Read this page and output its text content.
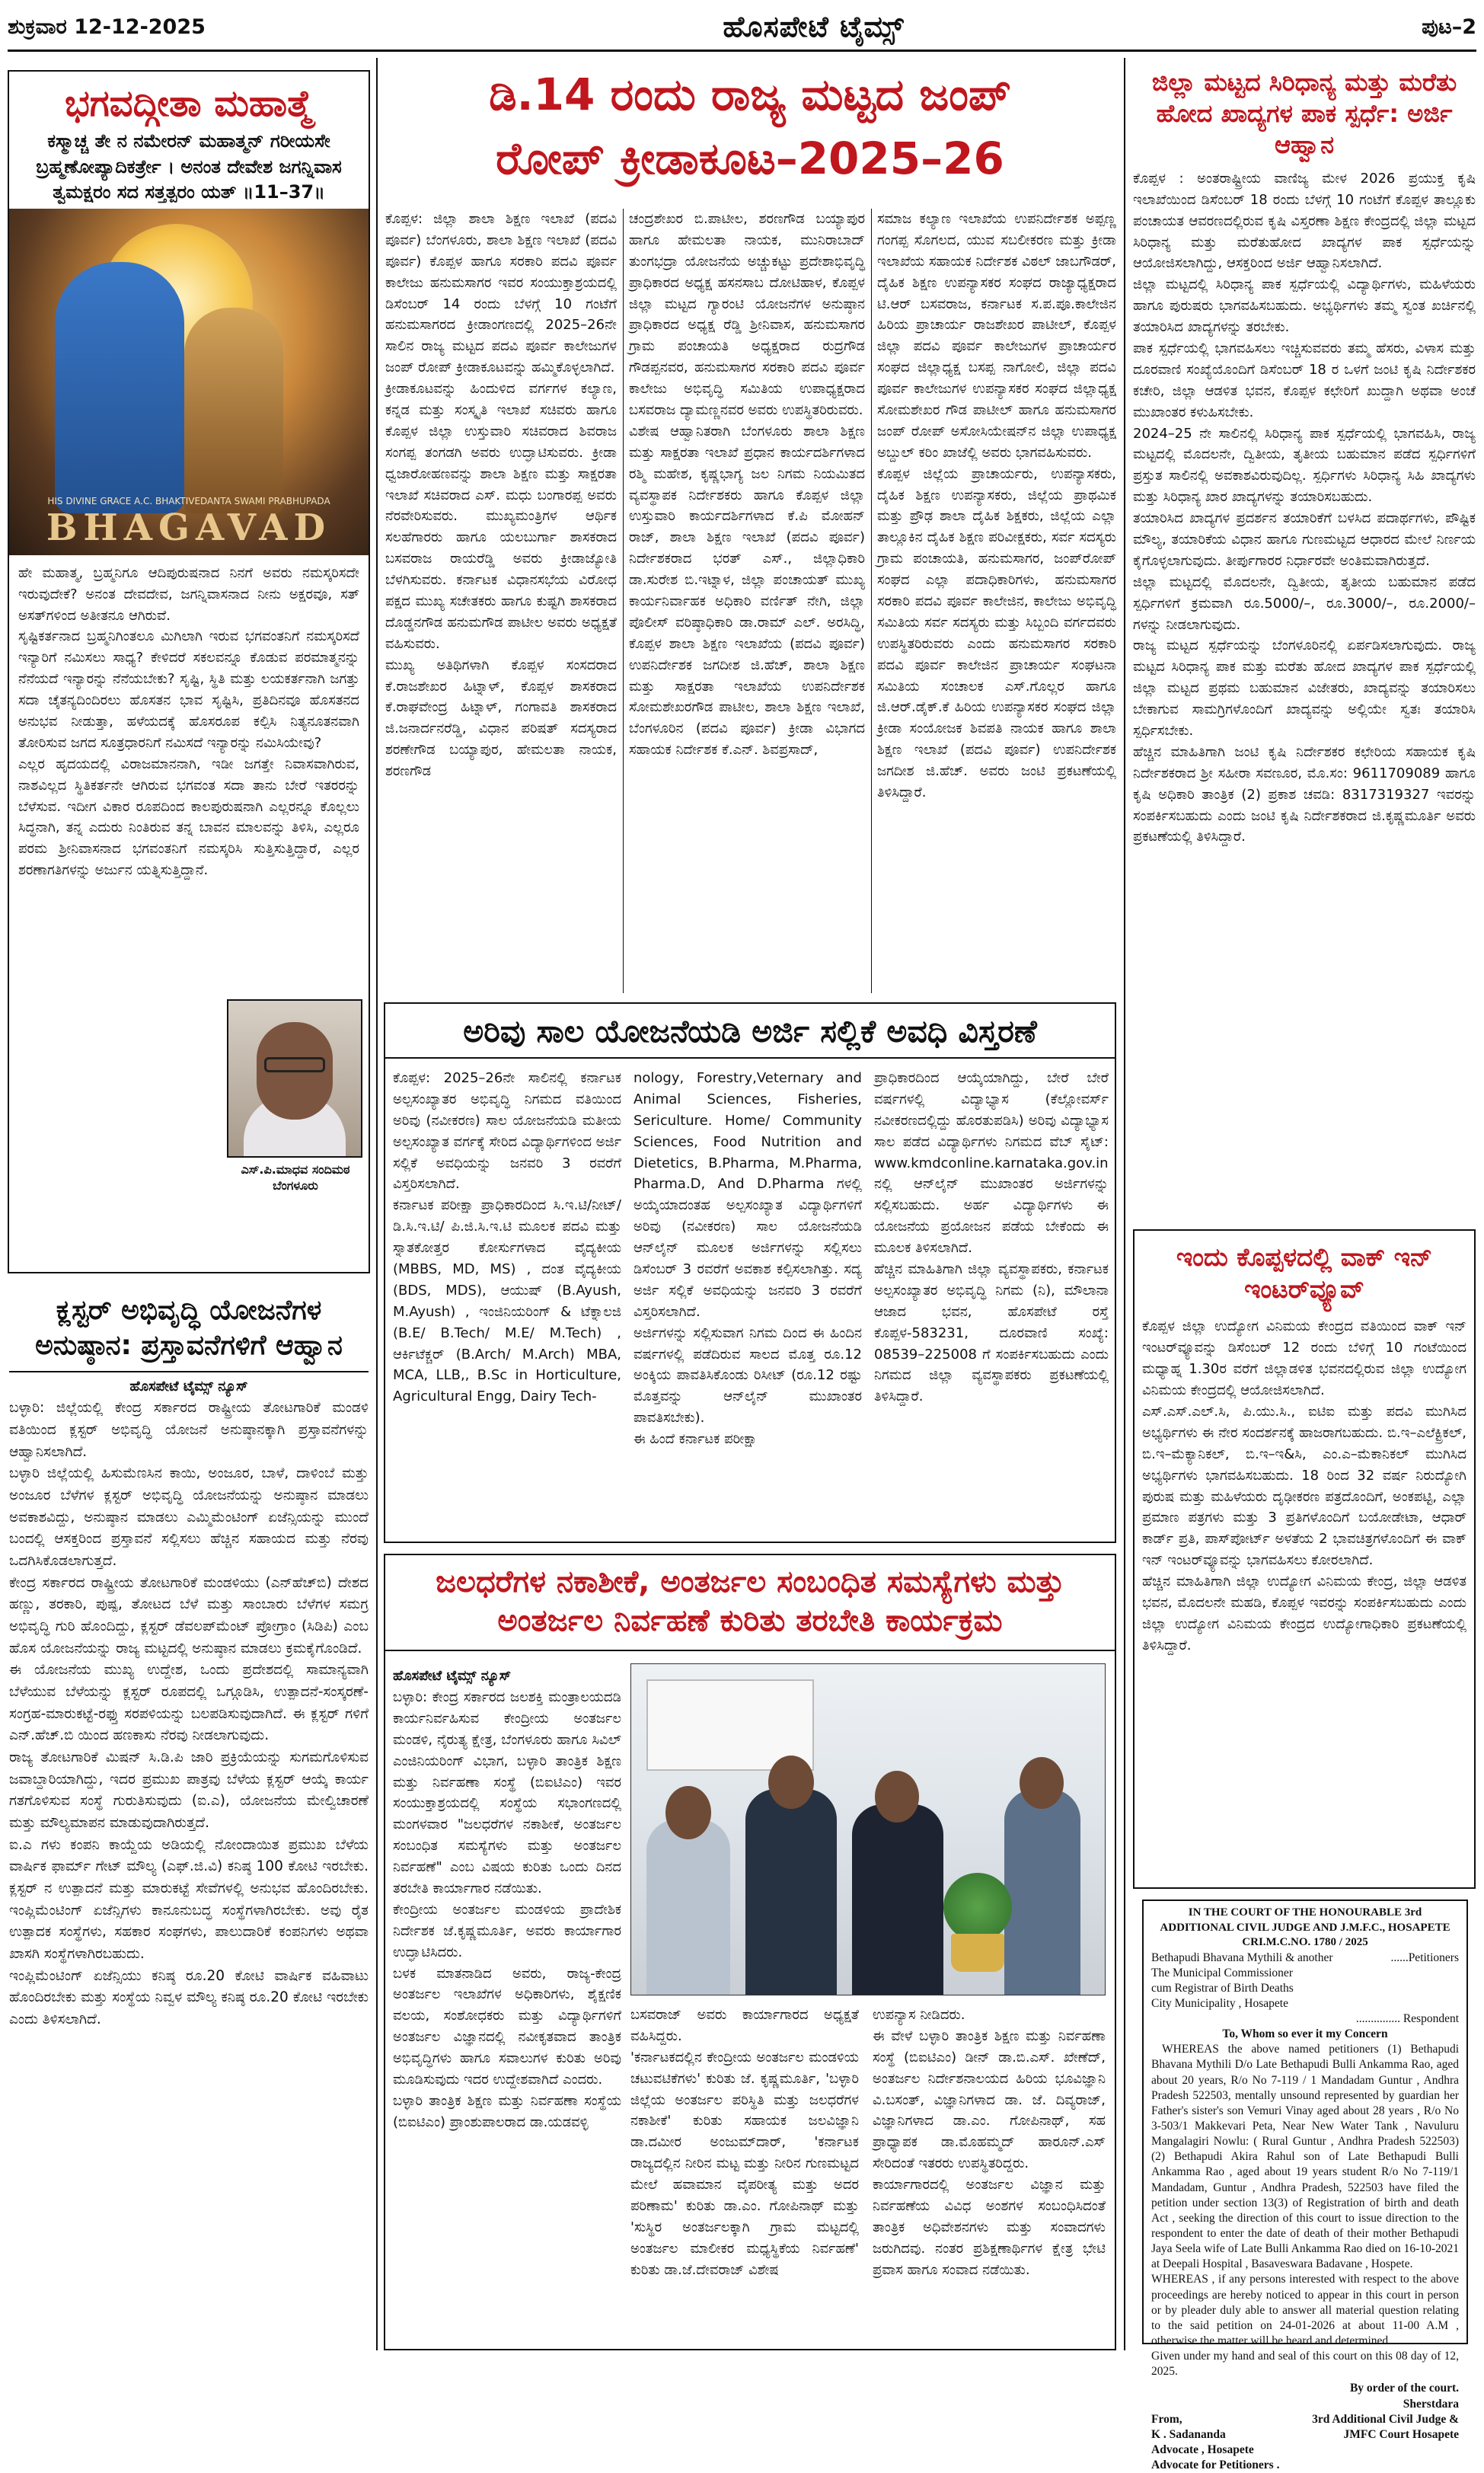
ಶುಕ್ರವಾರ 12-12-2025	ಹೊಸಪೇಟೆ ಟೈಮ್ಸ್	ಪುಟ–2
ಭಗವದ್ಗೀತಾ ಮಹಾತ್ಮೆ
ಕಸ್ಮಾಚ್ಚ ತೇ ನ ನಮೇರನ್ ಮಹಾತ್ಮನ್ ಗರೀಯಸೇ ಬ್ರಹ್ಮಣೋಪ್ಯಾದಿಕರ್ತ್ರೇ । ಅನಂತ ದೇವೇಶ ಜಗನ್ನಿವಾಸ ತ್ವಮಕ್ಷರಂ ಸದ ಸತ್ತತ್ಪರಂ ಯತ್ ॥11–37॥
HIS DIVINE GRACE A.C. BHAKTIVEDANTA SWAMI PRABHUPADA
BHAGAVAD
ಹೇ ಮಹಾತ್ಮ, ಬ್ರಹ್ಮನಿಗೂ ಆದಿಪುರುಷನಾದ ನಿನಗೆ ಅವರು ನಮಸ್ಕರಿಸದೇ ಇರುವುದೇಕೆ? ಅನಂತ ದೇವದೇವ, ಜಗನ್ನಿವಾಸನಾದ ನೀನು ಅಕ್ಷರವೂ, ಸತ್ ಅಸತ್‌ಗಳಿಂದ ಅತೀತನೂ ಆಗಿರುವೆ.
ಸೃಷ್ಟಿಕರ್ತನಾದ ಬ್ರಹ್ಮನಿಗಿಂತಲೂ ಮಿಗಿಲಾಗಿ ಇರುವ ಭಗವಂತನಿಗೆ ನಮಸ್ಕರಿಸದೆ ಇನ್ಯಾರಿಗೆ ನಮಿಸಲು ಸಾಧ್ಯ? ಕೇಳಿದರೆ ಸಕಲವನ್ನೂ ಕೊಡುವ ಪರಮಾತ್ಮನನ್ನು ನೆನೆಯದೆ ಇನ್ಯಾರನ್ನು ನೆನೆಯಬೇಕು? ಸೃಷ್ಟಿ, ಸ್ಥಿತಿ ಮತ್ತು ಲಯಕರ್ತನಾಗಿ ಜಗತ್ತು ಸದಾ ಚೈತನ್ಯದಿಂದಿರಲು ಹೊಸತನ ಭಾವ ಸೃಷ್ಟಿಸಿ, ಪ್ರತಿದಿನವೂ ಹೊಸತನದ ಅನುಭವ ನೀಡುತ್ತಾ, ಹಳೆಯದಕ್ಕೆ ಹೊಸರೂಪ ಕಲ್ಪಿಸಿ ನಿತ್ಯನೂತನವಾಗಿ ತೋರಿಸುವ ಜಗದ ಸೂತ್ರಧಾರನಿಗೆ ನಮಿಸದೆ ಇನ್ಯಾರನ್ನು ನಮಿಸಿಯೇವು?
ಎಲ್ಲರ ಹೃದಯದಲ್ಲಿ ವಿರಾಜಮಾನನಾಗಿ, ಇಡೀ ಜಗತ್ತೇ ನಿವಾಸವಾಗಿರುವ, ನಾಶವಿಲ್ಲದ ಸ್ಥಿತಿಕರ್ತನೇ ಆಗಿರುವ ಭಗವಂತ ಸದಾ ತಾನು ಬೇರೆ ಇತರರನ್ನು ಬೆಳೆಸುವ. ಇದೀಗ ವಿಕಾರ ರೂಪದಿಂದ ಕಾಲಪುರುಷನಾಗಿ ಎಲ್ಲರನ್ನೂ ಕೊಲ್ಲಲು ಸಿದ್ಧನಾಗಿ, ತನ್ನ ಎದುರು ನಿಂತಿರುವ ತನ್ನ ಬಾವನ ಮಾಲವನ್ನು ತಿಳಿಸಿ, ಎಲ್ಲರೂ ಪರಮ ಶ್ರೀನಿವಾಸನಾದ ಭಗವಂತನಿಗೆ ನಮಸ್ಕರಿಸಿ ಸುತ್ತಿಸುತ್ತಿದ್ದಾರೆ, ಎಲ್ಲರ ಶರಣಾಗತಿಗಳನ್ನು ಅರ್ಜುನ ಯತ್ನಿಸುತ್ತಿದ್ದಾನೆ.
ಎಸ್.ಪಿ.ಮಾಧವ ಸಂದಿಮಠ
ಬೆಂಗಳೂರು
ಕ್ಲಸ್ಟರ್ ಅಭಿವೃದ್ಧಿ ಯೋಜನೆಗಳ ಅನುಷ್ಠಾನ: ಪ್ರಸ್ತಾವನೆಗಳಿಗೆ ಆಹ್ವಾನ
ಹೊಸಪೇಟೆ ಟೈಮ್ಸ್ ನ್ಯೂಸ್
ಬಳ್ಳಾರಿ: ಜಿಲ್ಲೆಯಲ್ಲಿ ಕೇಂದ್ರ ಸರ್ಕಾರದ ರಾಷ್ಟ್ರೀಯ ತೋಟಗಾರಿಕೆ ಮಂಡಳಿ ವತಿಯಿಂದ ಕ್ಲಸ್ಟರ್ ಅಭಿವೃದ್ಧಿ ಯೋಜನೆ ಅನುಷ್ಠಾನಕ್ಕಾಗಿ ಪ್ರಸ್ತಾವನೆಗಳನ್ನು ಆಹ್ವಾನಿಸಲಾಗಿದೆ.
ಬಳ್ಳಾರಿ ಜಿಲ್ಲೆಯಲ್ಲಿ ಹಿಸುಮೆಣಸಿನ ಕಾಯಿ, ಅಂಜೂರ, ಬಾಳೆ, ದಾಳಿಂಬೆ ಮತ್ತು ಅಂಜೂರ ಬೆಳೆಗಳ ಕ್ಲಸ್ಟರ್ ಅಭಿವೃದ್ಧಿ ಯೋಜನೆಯನ್ನು ಅನುಷ್ಠಾನ ಮಾಡಲು ಅವಕಾಶವಿದ್ದು, ಅನುಷ್ಠಾನ ಮಾಡಲು ಎಮ್ಮಿಮೆಂಟಿಂಗ್ ಏಜೆನ್ಸಿಯನ್ನು ಮುಂದೆ ಬಂದಲ್ಲಿ ಆಸಕ್ತರಿಂದ ಪ್ರಸ್ತಾವನೆ ಸಲ್ಲಿಸಲು ಹೆಚ್ಚಿನ ಸಹಾಯದ ಮತ್ತು ನೆರವು ಒದಗಿಸಿಕೊಡಲಾಗುತ್ತದೆ.
ಕೇಂದ್ರ ಸರ್ಕಾರದ ರಾಷ್ಟ್ರೀಯ ತೋಟಗಾರಿಕೆ ಮಂಡಳಿಯು (ಎನ್‌ಹೆಚ್‌ಬಿ) ದೇಶದ ಹಣ್ಣು, ತರಕಾರಿ, ಪುಷ್ಪ, ತೋಟದ ಬೆಳೆ ಮತ್ತು ಸಾಂಬಾರು ಬೆಳೆಗಳ ಸಮಗ್ರ ಅಭಿವೃದ್ಧಿ ಗುರಿ ಹೊಂದಿದ್ದು, ಕ್ಲಸ್ಟರ್ ಡೆವಲಪ್‌ಮೆಂಟ್ ಪ್ರೋಗ್ರಾಂ (ಸಿಡಿಪಿ) ಎಂಬ ಹೊಸ ಯೋಜನೆಯನ್ನು ರಾಜ್ಯ ಮಟ್ಟದಲ್ಲಿ ಅನುಷ್ಠಾನ ಮಾಡಲು ಕ್ರಮಕೈಗೊಂಡಿದೆ.
ಈ ಯೋಜನೆಯ ಮುಖ್ಯ ಉದ್ದೇಶ, ಒಂದು ಪ್ರದೇಶದಲ್ಲಿ ಸಾಮಾನ್ಯವಾಗಿ ಬೆಳೆಯುವ ಬೆಳೆಯನ್ನು ಕ್ಲಸ್ಟರ್ ರೂಪದಲ್ಲಿ ಒಗ್ಗೂಡಿಸಿ, ಉತ್ಪಾದನೆ-ಸಂಸ್ಕರಣೆ-ಸಂಗ್ರಹ-ಮಾರುಕಟ್ಟೆ-ರಫ್ತು ಸರಪಳಿಯನ್ನು ಬಲಪಡಿಸುವುದಾಗಿದೆ. ಈ ಕ್ಲಸ್ಟರ್ ಗಳಿಗೆ ಎನ್.ಹೆಚ್.ಬಿ ಯಿಂದ ಹಣಕಾಸು ನೆರವು ನೀಡಲಾಗುವುದು.
ರಾಜ್ಯ ತೋಟಗಾರಿಕೆ ಮಿಷನ್ ಸಿ.ಡಿ.ಪಿ ಜಾರಿ ಪ್ರಕ್ರಿಯೆಯನ್ನು ಸುಗಮಗೊಳಿಸುವ ಜವಾಬ್ದಾರಿಯಾಗಿದ್ದು, ಇದರ ಪ್ರಮುಖ ಪಾತ್ರವು ಬೆಳೆಯ ಕ್ಲಸ್ಟರ್ ಆಯ್ಕೆ ಕಾರ್ಯ ಗತಗೊಳಿಸುವ ಸಂಸ್ಥೆ ಗುರುತಿಸುವುದು (ಐ.ಎ), ಯೋಜನೆಯ ಮೇಲ್ವಿಚಾರಣೆ ಮತ್ತು ಮೌಲ್ಯಮಾಪನ ಮಾಡುವುದಾಗಿರುತ್ತದೆ.
ಐ.ಎ ಗಳು ಕಂಪನಿ ಕಾಯ್ದೆಯ ಅಡಿಯಲ್ಲಿ ನೋಂದಾಯಿತ ಪ್ರಮುಖ ಬೆಳೆಯ ವಾರ್ಷಿಕ ಫಾರ್ಮ್ ಗೇಟ್ ಮೌಲ್ಯ (ಎಫ್.ಜಿ.ವಿ) ಕನಿಷ್ಠ 100 ಕೋಟಿ ಇರಬೇಕು. ಕ್ಲಸ್ಟರ್ ನ ಉತ್ಪಾದನೆ ಮತ್ತು ಮಾರುಕಟ್ಟೆ ಸೇವೆಗಳಲ್ಲಿ ಅನುಭವ ಹೊಂದಿರಬೇಕು. ಇಂಪ್ಲಿಮೆಂಟಿಂಗ್ ಏಜೆನ್ಸಿಗಳು ಕಾನೂನುಬದ್ಧ ಸಂಸ್ಥೆಗಳಾಗಿರಬೇಕು. ಅವು ರೈತ ಉತ್ಪಾದಕ ಸಂಸ್ಥೆಗಳು, ಸಹಕಾರ ಸಂಘಗಳು, ಪಾಲುದಾರಿಕೆ ಕಂಪನಿಗಳು ಅಥವಾ ಖಾಸಗಿ ಸಂಸ್ಥೆಗಳಾಗಿರಬಹುದು.
ಇಂಪ್ಲಿಮೆಂಟಿಂಗ್ ಏಜೆನ್ಸಿಯು ಕನಿಷ್ಠ ರೂ.20 ಕೋಟಿ ವಾರ್ಷಿಕ ವಹಿವಾಟು ಹೊಂದಿರಬೇಕು ಮತ್ತು ಸಂಸ್ಥೆಯ ನಿವ್ವಳ ಮೌಲ್ಯ ಕನಿಷ್ಠ ರೂ.20 ಕೋಟಿ ಇರಬೇಕು ಎಂದು ತಿಳಿಸಲಾಗಿದೆ.
ಡಿ.14 ರಂದು ರಾಜ್ಯ ಮಟ್ಟದ ಜಂಪ್
ರೋಪ್ ಕ್ರೀಡಾಕೂಟ–2025–26
ಕೊಪ್ಪಳ: ಜಿಲ್ಲಾ ಶಾಲಾ ಶಿಕ್ಷಣ ಇಲಾಖೆ (ಪದವಿ ಪೂರ್ವ) ಬೆಂಗಳೂರು, ಶಾಲಾ ಶಿಕ್ಷಣ ಇಲಾಖೆ (ಪದವಿ ಪೂರ್ವ) ಕೊಪ್ಪಳ ಹಾಗೂ ಸರಕಾರಿ ಪದವಿ ಪೂರ್ವ ಕಾಲೇಜು ಹನುಮಸಾಗರ ಇವರ ಸಂಯುಕ್ತಾಶ್ರಯದಲ್ಲಿ ಡಿಸೆಂಬರ್ 14 ರಂದು ಬೆಳಗ್ಗೆ 10 ಗಂಟೆಗೆ ಹನುಮಸಾಗರದ ಕ್ರೀಡಾಂಗಣದಲ್ಲಿ 2025–26ನೇ ಸಾಲಿನ ರಾಜ್ಯ ಮಟ್ಟದ ಪದವಿ ಪೂರ್ವ ಕಾಲೇಜುಗಳ ಜಂಪ್ ರೋಪ್ ಕ್ರೀಡಾಕೂಟವನ್ನು ಹಮ್ಮಿಕೊಳ್ಳಲಾಗಿದೆ.
ಕ್ರೀಡಾಕೂಟವನ್ನು ಹಿಂದುಳಿದ ವರ್ಗಗಳ ಕಲ್ಯಾಣ, ಕನ್ನಡ ಮತ್ತು ಸಂಸ್ಕೃತಿ ಇಲಾಖೆ ಸಚಿವರು ಹಾಗೂ ಕೊಪ್ಪಳ ಜಿಲ್ಲಾ ಉಸ್ತುವಾರಿ ಸಚಿವರಾದ ಶಿವರಾಜ ಸಂಗಪ್ಪ ತಂಗಡಗಿ ಅವರು ಉದ್ಘಾಟಿಸುವರು. ಕ್ರೀಡಾ ಧ್ವಜಾರೋಹಣವನ್ನು ಶಾಲಾ ಶಿಕ್ಷಣ ಮತ್ತು ಸಾಕ್ಷರತಾ ಇಲಾಖೆ ಸಚಿವರಾದ ಎಸ್. ಮಧು ಬಂಗಾರಪ್ಪ ಅವರು ನೆರವೇರಿಸುವರು. ಮುಖ್ಯಮಂತ್ರಿಗಳ ಆರ್ಥಿಕ ಸಲಹೆಗಾರರು ಹಾಗೂ ಯಲಬುರ್ಗಾ ಶಾಸಕರಾದ ಬಸವರಾಜ ರಾಯರೆಡ್ಡಿ ಅವರು ಕ್ರೀಡಾಜ್ಯೋತಿ ಬೆಳಗಿಸುವರು. ಕರ್ನಾಟಕ ವಿಧಾನಸಭೆಯ ವಿರೋಧ ಪಕ್ಷದ ಮುಖ್ಯ ಸಚೇತಕರು ಹಾಗೂ ಕುಷ್ಟಗಿ ಶಾಸಕರಾದ ದೊಡ್ಡನಗೌಡ ಹನುಮಗೌಡ ಪಾಟೀಲ ಅವರು ಅಧ್ಯಕ್ಷತೆ ವಹಿಸುವರು.
ಮುಖ್ಯ ಅತಿಥಿಗಳಾಗಿ ಕೊಪ್ಪಳ ಸಂಸದರಾದ ಕೆ.ರಾಜಶೇಖರ ಹಿಟ್ನಾಳ್, ಕೊಪ್ಪಳ ಶಾಸಕರಾದ ಕೆ.ರಾಘವೇಂದ್ರ ಹಿಟ್ನಾಳ್, ಗಂಗಾವತಿ ಶಾಸಕರಾದ ಜಿ.ಜನಾರ್ದನರೆಡ್ಡಿ, ವಿಧಾನ ಪರಿಷತ್ ಸದಸ್ಯರಾದ ಶರಣೇಗೌಡ ಬಯ್ಯಾಪುರ, ಹೇಮಲತಾ ನಾಯಕ, ಶರಣಗೌಡ
ಚಂದ್ರಶೇಖರ ಬಿ.ಪಾಟೀಲ, ಶರಣಗೌಡ ಬಯ್ಯಾಪುರ ಹಾಗೂ ಹೇಮಲತಾ ನಾಯಕ, ಮುನಿರಾಬಾದ್ ತುಂಗಭದ್ರಾ ಯೋಜನೆಯ ಅಚ್ಚುಕಟ್ಟು ಪ್ರದೇಶಾಭಿವೃದ್ಧಿ ಪ್ರಾಧಿಕಾರದ ಅಧ್ಯಕ್ಷ ಹಸನಸಾಬ ದೋಟಿಹಾಳ, ಕೊಪ್ಪಳ ಜಿಲ್ಲಾ ಮಟ್ಟದ ಗ್ಯಾರಂಟಿ ಯೋಜನೆಗಳ ಅನುಷ್ಠಾನ ಪ್ರಾಧಿಕಾರದ ಅಧ್ಯಕ್ಷ ರೆಡ್ಡಿ ಶ್ರೀನಿವಾಸ, ಹನುಮಸಾಗರ ಗ್ರಾಮ ಪಂಚಾಯತಿ ಅಧ್ಯಕ್ಷರಾದ ರುದ್ರಗೌಡ ಗೌಡಪ್ಪನವರ, ಹನುಮಸಾಗರ ಸರಕಾರಿ ಪದವಿ ಪೂರ್ವ ಕಾಲೇಜು ಅಭಿವೃದ್ಧಿ ಸಮಿತಿಯ ಉಪಾಧ್ಯಕ್ಷರಾದ ಬಸವರಾಜ ದ್ಯಾಮಣ್ಣನವರ ಅವರು ಉಪಸ್ಥಿತರಿರುವರು.
ವಿಶೇಷ ಆಹ್ವಾನಿತರಾಗಿ ಬೆಂಗಳೂರು ಶಾಲಾ ಶಿಕ್ಷಣ ಮತ್ತು ಸಾಕ್ಷರತಾ ಇಲಾಖೆ ಪ್ರಧಾನ ಕಾರ್ಯದರ್ಶಿಗಳಾದ ರಶ್ಮಿ ಮಹೇಶ, ಕೃಷ್ಣಭಾಗ್ಯ ಜಲ ನಿಗಮ ನಿಯಮಿತದ ವ್ಯವಸ್ಥಾಪಕ ನಿರ್ದೇಶಕರು ಹಾಗೂ ಕೊಪ್ಪಳ ಜಿಲ್ಲಾ ಉಸ್ತುವಾರಿ ಕಾರ್ಯದರ್ಶಿಗಳಾದ ಕೆ.ಪಿ ಮೋಹನ್ ರಾಜ್, ಶಾಲಾ ಶಿಕ್ಷಣ ಇಲಾಖೆ (ಪದವಿ ಪೂರ್ವ) ನಿರ್ದೇಶಕರಾದ ಭರತ್ ಎಸ್., ಜಿಲ್ಲಾಧಿಕಾರಿ ಡಾ.ಸುರೇಶ ಬಿ.ಇಟ್ನಾಳ, ಜಿಲ್ಲಾ ಪಂಚಾಯತ್ ಮುಖ್ಯ ಕಾರ್ಯನಿರ್ವಾಹಕ ಅಧಿಕಾರಿ ವರ್ಣಿತ್ ನೇಗಿ, ಜಿಲ್ಲಾ ಪೊಲೀಸ್ ವರಿಷ್ಠಾಧಿಕಾರಿ ಡಾ.ರಾಮ್ ಎಲ್. ಅರಸಿದ್ಧಿ, ಕೊಪ್ಪಳ ಶಾಲಾ ಶಿಕ್ಷಣ ಇಲಾಖೆಯ (ಪದವಿ ಪೂರ್ವ) ಉಪನಿರ್ದೇಶಕ ಜಗದೀಶ ಜಿ.ಹೆಚ್, ಶಾಲಾ ಶಿಕ್ಷಣ ಮತ್ತು ಸಾಕ್ಷರತಾ ಇಲಾಖೆಯ ಉಪನಿರ್ದೇಶಕ ಸೋಮಶೇಖರಗೌಡ ಪಾಟೀಲ, ಶಾಲಾ ಶಿಕ್ಷಣ ಇಲಾಖೆ, ಬೆಂಗಳೂರಿನ (ಪದವಿ ಪೂರ್ವ) ಕ್ರೀಡಾ ವಿಭಾಗದ ಸಹಾಯಕ ನಿರ್ದೇಶಕ ಕೆ.ಎನ್. ಶಿವಪ್ರಸಾದ್,
ಸಮಾಜ ಕಲ್ಯಾಣ ಇಲಾಖೆಯ ಉಪನಿರ್ದೇಶಕ ಅಪ್ಪಣ್ಣ ಗಂಗಪ್ಪ ಸೊಗಲದ, ಯುವ ಸಬಲೀಕರಣ ಮತ್ತು ಕ್ರೀಡಾ ಇಲಾಖೆಯ ಸಹಾಯಕ ನಿರ್ದೇಶಕ ವಿಠಲ್ ಜಾಬಗೌಡರ್, ದೈಹಿಕ ಶಿಕ್ಷಣ ಉಪನ್ಯಾಸಕರ ಸಂಘದ ರಾಜ್ಯಾಧ್ಯಕ್ಷರಾದ ಟಿ.ಆರ್ ಬಸವರಾಜ, ಕರ್ನಾಟಕ ಸ.ಪ.ಪೂ.ಕಾಲೇಜಿನ ಹಿರಿಯ ಪ್ರಾಚಾರ್ಯ ರಾಜಶೇಖರ ಪಾಟೀಲ್, ಕೊಪ್ಪಳ ಜಿಲ್ಲಾ ಪದವಿ ಪೂರ್ವ ಕಾಲೇಜುಗಳ ಪ್ರಾಚಾರ್ಯರ ಸಂಘದ ಜಿಲ್ಲಾಧ್ಯಕ್ಷ ಬಸಪ್ಪ ನಾಗೋಲಿ, ಜಿಲ್ಲಾ ಪದವಿ ಪೂರ್ವ ಕಾಲೇಜುಗಳ ಉಪನ್ಯಾಸಕರ ಸಂಘದ ಜಿಲ್ಲಾಧ್ಯಕ್ಷ ಸೋಮಶೇಖರ ಗೌಡ ಪಾಟೀಲ್ ಹಾಗೂ ಹನುಮಸಾಗರ ಜಂಪ್ ರೋಪ್ ಅಸೋಸಿಯೇಷನ್‌ನ ಜಿಲ್ಲಾ ಉಪಾಧ್ಯಕ್ಷ ಅಬ್ದುಲ್ ಕರಿಂ ಖಾಜೆಲ್ಲಿ ಅವರು ಭಾಗವಹಿಸುವರು.
ಕೊಪ್ಪಳ ಜಿಲ್ಲೆಯ ಪ್ರಾಚಾರ್ಯರು, ಉಪನ್ಯಾಸಕರು, ದೈಹಿಕ ಶಿಕ್ಷಣ ಉಪನ್ಯಾಸಕರು, ಜಿಲ್ಲೆಯ ಪ್ರಾಥಮಿಕ ಮತ್ತು ಪ್ರೌಢ ಶಾಲಾ ದೈಹಿಕ ಶಿಕ್ಷಕರು, ಜಿಲ್ಲೆಯ ಎಲ್ಲಾ ತಾಲ್ಲೂಕಿನ ದೈಹಿಕ ಶಿಕ್ಷಣ ಪರಿವೀಕ್ಷಕರು, ಸರ್ವ ಸದಸ್ಯರು ಗ್ರಾಮ ಪಂಚಾಯತಿ, ಹನುಮಸಾಗರ, ಜಂಪ್‌ರೋಪ್ ಸಂಘದ ಎಲ್ಲಾ ಪದಾಧಿಕಾರಿಗಳು, ಹನುಮಸಾಗರ ಸರಕಾರಿ ಪದವಿ ಪೂರ್ವ ಕಾಲೇಜಿನ, ಕಾಲೇಜು ಅಭಿವೃದ್ಧಿ ಸಮಿತಿಯ ಸರ್ವ ಸದಸ್ಯರು ಮತ್ತು ಸಿಬ್ಬಂದಿ ವರ್ಗದವರು ಉಪಸ್ಥಿತರಿರುವರು ಎಂದು ಹನುಮಸಾಗರ ಸರಕಾರಿ ಪದವಿ ಪೂರ್ವ ಕಾಲೇಜಿನ ಪ್ರಾಚಾರ್ಯ ಸಂಘಟನಾ ಸಮಿತಿಯ ಸಂಚಾಲಕ ಎಸ್.ಗೊಲ್ಲರ ಹಾಗೂ ಜಿ.ಆರ್.ಡೈಕ್.ಕೆ ಹಿರಿಯ ಉಪನ್ಯಾಸಕರ ಸಂಘದ ಜಿಲ್ಲಾ ಕ್ರೀಡಾ ಸಂಯೋಜಕ ಶಿವಪತಿ ನಾಯಕ ಹಾಗೂ ಶಾಲಾ ಶಿಕ್ಷಣ ಇಲಾಖೆ (ಪದವಿ ಪೂರ್ವ) ಉಪನಿರ್ದೇಶಕ ಜಗದೀಶ ಜಿ.ಹೆಚ್. ಅವರು ಜಂಟಿ ಪ್ರಕಟಣೆಯಲ್ಲಿ ತಿಳಿಸಿದ್ದಾರೆ.
ಅರಿವು ಸಾಲ ಯೋಜನೆಯಡಿ ಅರ್ಜಿ ಸಲ್ಲಿಕೆ ಅವಧಿ ವಿಸ್ತರಣೆ
ಕೊಪ್ಪಳ: 2025–26ನೇ ಸಾಲಿನಲ್ಲಿ ಕರ್ನಾಟಕ ಅಲ್ಪಸಂಖ್ಯಾತರ ಅಭಿವೃದ್ಧಿ ನಿಗಮದ ವತಿಯಿಂದ ಅರಿವು (ನವೀಕರಣ) ಸಾಲ ಯೋಜನೆಯಡಿ ಮತೀಯ ಅಲ್ಪಸಂಖ್ಯಾತ ವರ್ಗಕ್ಕೆ ಸೇರಿದ ವಿದ್ಯಾರ್ಥಿಗಳಿಂದ ಅರ್ಜಿ ಸಲ್ಲಿಕೆ ಅವಧಿಯನ್ನು ಜನವರಿ 3 ರವರೆಗೆ ವಿಸ್ತರಿಸಲಾಗಿದೆ.
ಕರ್ನಾಟಕ ಪರೀಕ್ಷಾ ಪ್ರಾಧಿಕಾರದಿಂದ ಸಿ.ಇ.ಟಿ/ನೀಟ್/ಡಿ.ಸಿ.ಇ.ಟಿ/ ಪಿ.ಜಿ.ಸಿ.ಇ.ಟಿ ಮೂಲಕ ಪದವಿ ಮತ್ತು ಸ್ನಾತಕೋತ್ತರ ಕೋರ್ಸುಗಳಾದ ವೈದ್ಯಕೀಯ (MBBS, MD, MS) , ದಂತ ವೈದ್ಯಕೀಯ (BDS, MDS), ಆಯುಷ್ (B.Ayush, M.Ayush) , ಇಂಜಿನಿಯರಿಂಗ್ & ಟೆಕ್ನಾಲಜಿ (B.E/ B.Tech/ M.E/ M.Tech) , ಆರ್ಕಿಟೆಕ್ಚರ್ (B.Arch/ M.Arch) MBA, MCA, LLB,, B.Sc in Horticulture, Agricultural Engg, Dairy Tech-
nology, Forestry,Veternary and Animal Sciences, Fisheries, Sericulture. Home/ Community Sciences, Food Nutrition and Dietetics, B.Pharma, M.Pharma, Pharma.D, And D.Pharma ಗಳಲ್ಲಿ ಅಯ್ಕೆಯಾದಂತಹ ಅಲ್ಪಸಂಖ್ಯಾತ ವಿದ್ಯಾರ್ಥಿಗಳಿಗೆ ಅರಿವು (ನವೀಕರಣ) ಸಾಲ ಯೋಜನೆಯಡಿ ಆನ್‌ಲೈನ್ ಮೂಲಕ ಅರ್ಜಿಗಳನ್ನು ಸಲ್ಲಿಸಲು ಡಿಸೆಂಬರ್ 3 ರವರೆಗೆ ಅವಕಾಶ ಕಲ್ಪಿಸಲಾಗಿತ್ತು. ಸದ್ಯ ಅರ್ಜಿ ಸಲ್ಲಿಕೆ ಅವಧಿಯನ್ನು ಜನವರಿ 3 ರವರೆಗೆ ವಿಸ್ತರಿಸಲಾಗಿದೆ.
ಅರ್ಜಿಗಳನ್ನು ಸಲ್ಲಿಸುವಾಗ ನಿಗಮ ದಿಂದ ಈ ಹಿಂದಿನ ವರ್ಷಗಳಲ್ಲಿ ಪಡೆದಿರುವ ಸಾಲದ ಮೊತ್ತ ರೂ.12 ಅಂಕ್ಕಿಯ ಪಾವತಿಸಿಕೊಂಡು ರಿಸೀಟ್ (ರೂ.12 ರಷ್ಟು ಮೊತ್ತವನ್ನು ಆನ್‌ಲೈನ್ ಮುಖಾಂತರ ಪಾವತಿಸಬೇಕು).
ಈ ಹಿಂದೆ ಕರ್ನಾಟಕ ಪರೀಕ್ಷಾ
ಪ್ರಾಧಿಕಾರದಿಂದ ಆಯ್ಕೆಯಾಗಿದ್ದು, ಬೇರೆ ಬೇರೆ ವರ್ಷಗಳಲ್ಲಿ ವಿದ್ಯಾಭ್ಯಾಸ (ಕೆಲ್ಲೋವರ್ಸ್ ನವೀಕರಣದಲ್ಲಿದ್ದು ಹೊರತುಪಡಿಸಿ) ಅರಿವು ವಿದ್ಯಾಭ್ಯಾಸ ಸಾಲ ಪಡೆದ ವಿದ್ಯಾರ್ಥಿಗಳು ನಿಗಮದ ವೆಬ್ ಸೈಟ್: www.kmdconline.karnataka.gov.in ನಲ್ಲಿ ಆನ್‌ಲೈನ್ ಮುಖಾಂತರ ಅರ್ಜಿಗಳನ್ನು ಸಲ್ಲಿಸಬಹುದು. ಅರ್ಹ ವಿದ್ಯಾರ್ಥಿಗಳು ಈ ಯೋಜನೆಯ ಪ್ರಯೋಜನ ಪಡೆಯ ಬೇಕೆಂದು ಈ ಮೂಲಕ ತಿಳಿಸಲಾಗಿದೆ.
ಹೆಚ್ಚಿನ ಮಾಹಿತಿಗಾಗಿ ಜಿಲ್ಲಾ ವ್ಯವಸ್ಥಾಪಕರು, ಕರ್ನಾಟಕ ಅಲ್ಪಸಂಖ್ಯಾತರ ಅಭಿವೃದ್ಧಿ ನಿಗಮ (ನಿ), ಮೌಲಾನಾ ಆಜಾದ ಭವನ, ಹೊಸಪೇಟೆ ರಸ್ತೆ ಕೊಪ್ಪಳ-583231, ದೂರವಾಣಿ ಸಂಖ್ಯೆ: 08539–225008 ಗೆ ಸಂಪರ್ಕಿಸಬಹುದು ಎಂದು ನಿಗಮದ ಜಿಲ್ಲಾ ವ್ಯವಸ್ಥಾಪಕರು ಪ್ರಕಟಣೆಯಲ್ಲಿ ತಿಳಿಸಿದ್ದಾರೆ.
ಜಲಧರೆಗಳ ನಕಾಶೀಕೆ, ಅಂತರ್ಜಲ ಸಂಬಂಧಿತ ಸಮಸ್ಯೆಗಳು ಮತ್ತು ಅಂತರ್ಜಲ ನಿರ್ವಹಣೆ ಕುರಿತು ತರಬೇತಿ ಕಾರ್ಯಕ್ರಮ
ಹೊಸಪೇಟೆ ಟೈಮ್ಸ್ ನ್ಯೂಸ್
ಬಳ್ಳಾರಿ: ಕೇಂದ್ರ ಸರ್ಕಾರದ ಜಲಶಕ್ತಿ ಮಂತ್ರಾಲಯದಡಿ ಕಾರ್ಯನಿರ್ವಹಿಸುವ ಕೇಂದ್ರೀಯ ಅಂತರ್ಜಲ ಮಂಡಳಿ, ನೈರುತ್ಯ ಕ್ಷೇತ್ರ, ಬೆಂಗಳೂರು ಹಾಗೂ ಸಿವಿಲ್ ಎಂಜಿನಿಯರಿಂಗ್ ವಿಭಾಗ, ಬಳ್ಳಾರಿ ತಾಂತ್ರಿಕ ಶಿಕ್ಷಣ ಮತ್ತು ನಿರ್ವಹಣಾ ಸಂಸ್ಥೆ (ಬಿಐಟಿಎಂ) ಇವರ ಸಂಯುಕ್ತಾಶ್ರಯದಲ್ಲಿ ಸಂಸ್ಥೆಯ ಸಭಾಂಗಣದಲ್ಲಿ ಮಂಗಳವಾರ "ಜಲಧರೆಗಳ ನಕಾಶೀಕೆ, ಅಂತರ್ಜಲ ಸಂಬಂಧಿತ ಸಮಸ್ಯೆಗಳು ಮತ್ತು ಅಂತರ್ಜಲ ನಿರ್ವಹಣೆ" ಎಂಬ ವಿಷಯ ಕುರಿತು ಒಂದು ದಿನದ ತರಬೇತಿ ಕಾರ್ಯಾಗಾರ ನಡೆಯಿತು.
ಕೇಂದ್ರೀಯ ಅಂತರ್ಜಲ ಮಂಡಳಿಯ ಪ್ರಾದೇಶಿಕ ನಿರ್ದೇಶಕ ಜೆ.ಕೃಷ್ಣಮೂರ್ತಿ, ಅವರು ಕಾರ್ಯಾಗಾರ ಉದ್ಘಾಟಿಸಿದರು.
ಬಳಕ ಮಾತನಾಡಿದ ಅವರು, ರಾಜ್ಯ-ಕೇಂದ್ರ ಅಂತರ್ಜಲ ಇಲಾಖೆಗಳ ಅಧಿಕಾರಿಗಳು, ಶೈಕ್ಷಣಿಕ ವಲಯ, ಸಂಶೋಧಕರು ಮತ್ತು ವಿದ್ಯಾರ್ಥಿಗಳಿಗೆ ಅಂತರ್ಜಲ ವಿಜ್ಞಾನದಲ್ಲಿ ನವೀಕೃತವಾದ ತಾಂತ್ರಿಕ ಅಭಿವೃದ್ಧಿಗಳು ಹಾಗೂ ಸವಾಲುಗಳ ಕುರಿತು ಅರಿವು ಮೂಡಿಸುವುದು ಇದರ ಉದ್ದೇಶವಾಗಿದೆ ಎಂದರು.
ಬಳ್ಳಾರಿ ತಾಂತ್ರಿಕ ಶಿಕ್ಷಣ ಮತ್ತು ನಿರ್ವಹಣಾ ಸಂಸ್ಥೆಯ (ಬಿಐಟಿಎಂ) ಪ್ರಾಂಶುಪಾಲರಾದ ಡಾ.ಯಡವಳ್ಳಿ
ಬಸವರಾಜ್ ಅವರು ಕಾರ್ಯಾಗಾರದ ಅಧ್ಯಕ್ಷತೆ ವಹಿಸಿದ್ದರು.
'ಕರ್ನಾಟಕದಲ್ಲಿನ ಕೇಂದ್ರೀಯ ಅಂತರ್ಜಲ ಮಂಡಳಿಯ ಚಟುವಟಿಕೆಗಳು' ಕುರಿತು ಜೆ. ಕೃಷ್ಣಮೂರ್ತಿ, 'ಬಳ್ಳಾರಿ ಜಿಲ್ಲೆಯ ಅಂತರ್ಜಲ ಪರಿಸ್ಥಿತಿ ಮತ್ತು ಜಲಧರೆಗಳ ನಕಾಶೀಕೆ' ಕುರಿತು ಸಹಾಯಕ ಜಲವಿಜ್ಞಾನಿ ಡಾ.ದಮೀರ ಅಂಜುಮ್‌ದಾರ್, 'ಕರ್ನಾಟಕ ರಾಜ್ಯದಲ್ಲಿನ ನೀರಿನ ಮಟ್ಟ ಮತ್ತು ನೀರಿನ ಗುಣಮಟ್ಟದ ಮೇಲೆ ಹವಾಮಾನ ವೈಪರೀತ್ಯ ಮತ್ತು ಅದರ ಪರಿಣಾಮ' ಕುರಿತು ಡಾ.ಎಂ. ಗೋಪಿನಾಥ್ ಮತ್ತು 'ಸುಸ್ಥಿರ ಅಂತರ್ಜಲಕ್ಕಾಗಿ ಗ್ರಾಮ ಮಟ್ಟದಲ್ಲಿ ಅಂತರ್ಜಲ ಮಾಲೀಕರ ಮಧ್ಯಸ್ಥಿಕೆಯ ನಿರ್ವಹಣೆ' ಕುರಿತು ಡಾ.ಜೆ.ದೇವರಾಜ್ ವಿಶೇಷ
ಉಪನ್ಯಾಸ ನೀಡಿದರು.
ಈ ವೇಳೆ ಬಳ್ಳಾರಿ ತಾಂತ್ರಿಕ ಶಿಕ್ಷಣ ಮತ್ತು ನಿರ್ವಹಣಾ ಸಂಸ್ಥೆ (ಬಿಐಟಿಎಂ) ಡೀನ್ ಡಾ.ಬಿ.ಎಸ್. ಖೇಣೆದ್, ಅಂತರ್ಜಲ ನಿರ್ದೇಶನಾಲಯದ ಹಿರಿಯ ಭೂವಿಜ್ಞಾನಿ ವಿ.ಬಸಂತ್, ವಿಜ್ಞಾನಿಗಳಾದ ಡಾ. ಜೆ. ದಿವ್ಯರಾಜ್, ವಿಜ್ಞಾನಿಗಳಾದ ಡಾ.ಎಂ. ಗೋಪಿನಾಥ್, ಸಹ ಪ್ರಾಧ್ಯಾಪಕ ಡಾ.ಮೊಹಮ್ಮದ್ ಹಾರೂನ್.ಎಸ್ ಸೇರಿದಂತೆ ಇತರರು ಉಪಸ್ಥಿತರಿದ್ದರು.
ಕಾರ್ಯಾಗಾರದಲ್ಲಿ ಅಂತರ್ಜಲ ವಿಜ್ಞಾನ ಮತ್ತು ನಿರ್ವಹಣೆಯ ವಿವಿಧ ಅಂಶಗಳ ಸಂಬಂಧಿಸಿದಂತೆ ತಾಂತ್ರಿಕ ಅಧಿವೇಶನಗಳು ಮತ್ತು ಸಂವಾದಗಳು ಜರುಗಿದವು. ನಂತರ ಪ್ರಶಿಕ್ಷಣಾರ್ಥಿಗಳ ಕ್ಷೇತ್ರ ಭೇಟಿ ಪ್ರವಾಸ ಹಾಗೂ ಸಂವಾದ ನಡೆಯಿತು.
ಜಿಲ್ಲಾ ಮಟ್ಟದ ಸಿರಿಧಾನ್ಯ ಮತ್ತು ಮರೆತು ಹೋದ ಖಾದ್ಯಗಳ ಪಾಕ ಸ್ಪರ್ಧೆ: ಅರ್ಜಿ ಆಹ್ವಾನ
ಕೊಪ್ಪಳ : ಅಂತರಾಷ್ಟ್ರೀಯ ವಾಣಿಜ್ಯ ಮೇಳ 2026 ಪ್ರಯುಕ್ತ ಕೃಷಿ ಇಲಾಖೆಯಿಂದ ಡಿಸೆಂಬರ್ 18 ರಂದು ಬೆಳಗ್ಗೆ 10 ಗಂಟೆಗೆ ಕೊಪ್ಪಳ ತಾಲ್ಲೂಕು ಪಂಚಾಯತ ಆವರಣದಲ್ಲಿರುವ ಕೃಷಿ ವಿಸ್ತರಣಾ ಶಿಕ್ಷಣ ಕೇಂದ್ರದಲ್ಲಿ ಜಿಲ್ಲಾ ಮಟ್ಟದ ಸಿರಿಧಾನ್ಯ ಮತ್ತು ಮರೆತುಹೋದ ಖಾದ್ಯಗಳ ಪಾಕ ಸ್ಪರ್ಧೆಯನ್ನು ಆಯೋಜಿಸಲಾಗಿದ್ದು, ಆಸಕ್ತರಿಂದ ಅರ್ಜಿ ಆಹ್ವಾನಿಸಲಾಗಿದೆ.
ಜಿಲ್ಲಾ ಮಟ್ಟದಲ್ಲಿ ಸಿರಿಧಾನ್ಯ ಪಾಕ ಸ್ಪರ್ಧೆಯಲ್ಲಿ ವಿದ್ಯಾರ್ಥಿಗಳು, ಮಹಿಳೆಯರು ಹಾಗೂ ಪುರುಷರು ಭಾಗವಹಿಸಬಹುದು. ಅಭ್ಯರ್ಥಿಗಳು ತಮ್ಮ ಸ್ವಂತ ಖರ್ಚಿನಲ್ಲಿ ತಯಾರಿಸಿದ ಖಾದ್ಯಗಳನ್ನು ತರಬೇಕು.
ಪಾಕ ಸ್ಪರ್ಧೆಯಲ್ಲಿ ಭಾಗವಹಿಸಲು ಇಚ್ಚಿಸುವವರು ತಮ್ಮ ಹೆಸರು, ವಿಳಾಸ ಮತ್ತು ದೂರವಾಣಿ ಸಂಖ್ಯೆಯೊಂದಿಗೆ ಡಿಸೆಂಬರ್ 18 ರ ಒಳಗೆ ಜಂಟಿ ಕೃಷಿ ನಿರ್ದೇಶಕರ ಕಚೇರಿ, ಜಿಲ್ಲಾ ಆಡಳಿತ ಭವನ, ಕೊಪ್ಪಳ ಕಛೇರಿಗೆ ಖುದ್ದಾಗಿ ಅಥವಾ ಅಂಚೆ ಮುಖಾಂತರ ಕಳುಹಿಸಬೇಕು.
2024–25 ನೇ ಸಾಲಿನಲ್ಲಿ ಸಿರಿಧಾನ್ಯ ಪಾಕ ಸ್ಪರ್ಧೆಯಲ್ಲಿ ಭಾಗವಹಿಸಿ, ರಾಜ್ಯ ಮಟ್ಟದಲ್ಲಿ ಮೊದಲನೇ, ದ್ವಿತೀಯ, ತೃತೀಯ ಬಹುಮಾನ ಪಡೆದ ಸ್ಪರ್ಧಿಗಳಿಗೆ ಪ್ರಸ್ತುತ ಸಾಲಿನಲ್ಲಿ ಅವಕಾಶವಿರುವುದಿಲ್ಲ. ಸ್ಪರ್ಧಿಗಳು ಸಿರಿಧಾನ್ಯ ಸಿಹಿ ಖಾದ್ಯಗಳು ಮತ್ತು ಸಿರಿಧಾನ್ಯ ಖಾರ ಖಾದ್ಯಗಳನ್ನು ತಯಾರಿಸಬಹುದು.
ತಯಾರಿಸಿದ ಖಾದ್ಯಗಳ ಪ್ರದರ್ಶನ ತಯಾರಿಕೆಗೆ ಬಳಸಿದ ಪದಾರ್ಥಗಳು, ಪೌಷ್ಟಿಕ ಮೌಲ್ಯ, ತಯಾರಿಕೆಯ ವಿಧಾನ ಹಾಗೂ ಗುಣಮಟ್ಟದ ಆಧಾರದ ಮೇಲೆ ನಿರ್ಣಯ ಕೈಗೊಳ್ಳಲಾಗುವುದು. ತೀರ್ಪುಗಾರರ ನಿರ್ಧಾರವೇ ಅಂತಿಮವಾಗಿರುತ್ತದೆ.
ಜಿಲ್ಲಾ ಮಟ್ಟದಲ್ಲಿ ಮೊದಲನೇ, ದ್ವಿತೀಯ, ತೃತೀಯ ಬಹುಮಾನ ಪಡೆದ ಸ್ಪರ್ಧಿಗಳಿಗೆ ಕ್ರಮವಾಗಿ ರೂ.5000/–, ರೂ.3000/–, ರೂ.2000/– ಗಳನ್ನು ನೀಡಲಾಗುವುದು.
ರಾಜ್ಯ ಮಟ್ಟದ ಸ್ಪರ್ಧೆಯನ್ನು ಬೆಂಗಳೂರಿನಲ್ಲಿ ಏರ್ಪಡಿಸಲಾಗುವುದು. ರಾಜ್ಯ ಮಟ್ಟದ ಸಿರಿಧಾನ್ಯ ಪಾಕ ಮತ್ತು ಮರೆತು ಹೋದ ಖಾದ್ಯಗಳ ಪಾಕ ಸ್ಪರ್ಧೆಯಲ್ಲಿ ಜಿಲ್ಲಾ ಮಟ್ಟದ ಪ್ರಥಮ ಬಹುಮಾನ ವಿಜೇತರು, ಖಾದ್ಯವನ್ನು ತಯಾರಿಸಲು ಬೇಕಾಗುವ ಸಾಮಗ್ರಿಗಳೊಂದಿಗೆ ಖಾದ್ಯವನ್ನು ಅಲ್ಲಿಯೇ ಸ್ವತಃ ತಯಾರಿಸಿ ಸ್ಪರ್ಧಿಸಬೇಕು.
ಹೆಚ್ಚಿನ ಮಾಹಿತಿಗಾಗಿ ಜಂಟಿ ಕೃಷಿ ನಿರ್ದೇಶಕರ ಕಛೇರಿಯ ಸಹಾಯಕ ಕೃಷಿ ನಿರ್ದೇಶಕರಾದ ಶ್ರೀ ಸಹೀರಾ ಸವಣೂರ, ಮೊ.ಸಂ: 9611709089 ಹಾಗೂ ಕೃಷಿ ಅಧಿಕಾರಿ ತಾಂತ್ರಿಕ (2) ಪ್ರಕಾಶ ಚವಡಿ: 8317319327 ಇವರನ್ನು ಸಂಪರ್ಕಿಸಬಹುದು ಎಂದು ಜಂಟಿ ಕೃಷಿ ನಿರ್ದೇಶಕರಾದ ಜಿ.ಕೃಷ್ಣಮೂರ್ತಿ ಅವರು ಪ್ರಕಟಣೆಯಲ್ಲಿ ತಿಳಿಸಿದ್ದಾರೆ.
ಇಂದು ಕೊಪ್ಪಳದಲ್ಲಿ ವಾಕ್ ಇನ್ ಇಂಟರ್‌ವ್ಯೂವ್
ಕೊಪ್ಪಳ ಜಿಲ್ಲಾ ಉದ್ಯೋಗ ವಿನಿಮಯ ಕೇಂದ್ರದ ವತಿಯಿಂದ ವಾಕ್ ಇನ್ ಇಂಟರ್‌ವ್ಯೂವನ್ನು ಡಿಸೆಂಬರ್ 12 ರಂದು ಬೆಳಿಗ್ಗೆ 10 ಗಂಟೆಯಿಂದ ಮಧ್ಯಾಹ್ನ 1.30ರ ವರೆಗೆ ಜಿಲ್ಲಾಡಳಿತ ಭವನದಲ್ಲಿರುವ ಜಿಲ್ಲಾ ಉದ್ಯೋಗ ವಿನಿಮಯ ಕೇಂದ್ರದಲ್ಲಿ ಆಯೋಜಿಸಲಾಗಿದೆ.
ಎಸ್.ಎಸ್.ಎಲ್.ಸಿ, ಪಿ.ಯು.ಸಿ., ಐಟಿಐ ಮತ್ತು ಪದವಿ ಮುಗಿಸಿದ ಅಭ್ಯರ್ಥಿಗಳು ಈ ನೇರ ಸಂದರ್ಶನಕ್ಕೆ ಹಾಜರಾಗಬಹುದು. ಬಿ.ಇ–ಎಲೆಕ್ಟ್ರಿಕಲ್, ಬಿ.ಇ–ಮೆಕ್ಯಾನಿಕಲ್, ಬಿ.ಇ–ಇ&ಸಿ, ಎಂ.ಎ–ಮೆಕಾನಿಕಲ್ ಮುಗಿಸಿದ ಅಭ್ಯರ್ಥಿಗಳು ಭಾಗವಹಿಸಬಹುದು. 18 ರಿಂದ 32 ವರ್ಷ ನಿರುದ್ಯೋಗಿ ಪುರುಷ ಮತ್ತು ಮಹಿಳೆಯರು ದೃಢೀಕರಣ ಪತ್ರದೊಂದಿಗೆ, ಅಂಕಪಟ್ಟಿ, ಎಲ್ಲಾ ಪ್ರಮಾಣ ಪತ್ರಗಳು ಮತ್ತು 3 ಪ್ರತಿಗಳೊಂದಿಗೆ ಬಯೋಡೇಟಾ, ಆಧಾರ್ ಕಾರ್ಡ್ ಪ್ರತಿ, ಪಾಸ್‌ಪೋರ್ಟ್ ಅಳತೆಯ 2 ಭಾವಚಿತ್ರಗಳೊಂದಿಗೆ ಈ ವಾಕ್ ಇನ್ ಇಂಟರ್‌ವ್ಯೂವನ್ನು ಭಾಗವಹಿಸಲು ಕೋರಲಾಗಿದೆ.
ಹೆಚ್ಚಿನ ಮಾಹಿತಿಗಾಗಿ ಜಿಲ್ಲಾ ಉದ್ಯೋಗ ವಿನಿಮಯ ಕೇಂದ್ರ, ಜಿಲ್ಲಾ ಆಡಳಿತ ಭವನ, ಮೊದಲನೇ ಮಹಡಿ, ಕೊಪ್ಪಳ ಇವರನ್ನು ಸಂಪರ್ಕಿಸಬಹುದು ಎಂದು ಜಿಲ್ಲಾ ಉದ್ಯೋಗ ವಿನಿಮಯ ಕೇಂದ್ರದ ಉದ್ಯೋಗಾಧಿಕಾರಿ ಪ್ರಕಟಣೆಯಲ್ಲಿ ತಿಳಿಸಿದ್ದಾರೆ.
IN THE COURT OF THE HONOURABLE 3rd ADDITIONAL CIVIL JUDGE AND J.M.F.C., HOSAPETE
CRI.M.C.NO. 1780 / 2025
Bethapudi Bhavana Mythili & another	......Petitioners
The Municipal Commissioner
cum Registrar of Birth Deaths
City Municipality , Hosapete
............... Respondent
To, Whom so ever it my Concern
WHEREAS the above named petitioners (1) Bethapudi Bhavana Mythili D/o Late Bethapudi Bulli Ankamma Rao, aged about 20 years, R/o No 7-119 / 1 Mandadam Guntur , Andhra Pradesh 522503, mentally unsound represented by guardian her Father's sister's son Vemuri Vinay aged about 28 years , R/o No 3-503/1 Makkevari Peta, Near New Water Tank , Navuluru Mangalagiri Nowlu: ( Rural Guntur , Andhra Pradesh 522503) (2) Bethapudi Akira Rahul son of Late Bethapudi Bulli Ankamma Rao , aged about 19 years student R/o No 7-119/1 Mandadam, Guntur , Andhra Pradesh, 522503 have filed the petition under section 13(3) of Registration of birth and death Act , seeking the direction of this court to issue direction to the respondent to enter the date of death of their mother Bethapudi Jaya Seela wife of Late Bulli Ankamma Rao died on 16-10-2021 at Deepali Hospital , Basaveswara Badavane , Hospete.
WHEREAS , if any persons interested with respect to the above proceedings are hereby noticed to appear in this court in person or by pleader duly able to answer all material question relating to the said petition on 24-01-2026 at about 11-00 A.M , otherwise the matter will be heard and determined.
Given under my hand and seal of this court on this 08 day of 12, 2025.
By order of the court.
Sherstdara
From,	3rd Additional Civil Judge &
K . Sadananda	JMFC Court Hosapete
Advocate , Hosapete
Advocate for Petitioners .
